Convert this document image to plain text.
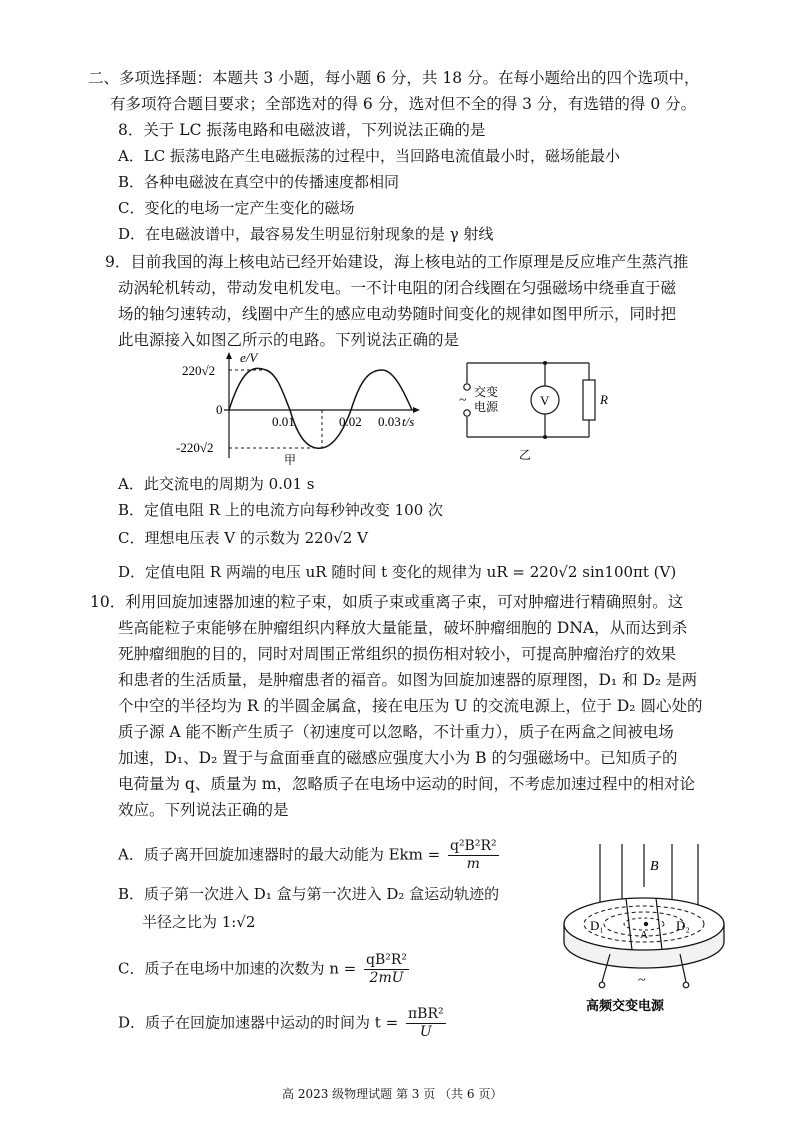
二、多项选择题：本题共 3 小题，每小题 6 分，共 18 分。在每小题给出的四个选项中，
有多项符合题目要求；全部选对的得 6 分，选对但不全的得 3 分，有选错的得 0 分。
8．关于 LC 振荡电路和电磁波谱，下列说法正确的是
A．LC 振荡电路产生电磁振荡的过程中，当回路电流值最小时，磁场能最小
B．各种电磁波在真空中的传播速度都相同
C．变化的电场一定产生变化的磁场
D．在电磁波谱中，最容易发生明显衍射现象的是 γ 射线
9．目前我国的海上核电站已经开始建设，海上核电站的工作原理是反应堆产生蒸汽推
动涡轮机转动，带动发电机发电。一不计电阻的闭合线圈在匀强磁场中绕垂直于磁
场的轴匀速转动，线圈中产生的感应电动势随时间变化的规律如图甲所示，同时把
此电源接入如图乙所示的电路。下列说法正确的是
e/V
220√2
0
-220√2
0.01	0.02 0.03 t/s
甲
~
交变
电源	V	R
乙
A．此交流电的周期为 0.01 s
B．定值电阻 R 上的电流方向每秒钟改变 100 次
C．理想电压表 V 的示数为 220√2 V
D．定值电阻 R 两端的电压 uR 随时间 t 变化的规律为 uR = 220√2 sin100πt (V)
10．利用回旋加速器加速的粒子束，如质子束或重离子束，可对肿瘤进行精确照射。这
些高能粒子束能够在肿瘤组织内释放大量能量，破坏肿瘤细胞的 DNA，从而达到杀
死肿瘤细胞的目的，同时对周围正常组织的损伤相对较小，可提高肿瘤治疗的效果
和患者的生活质量，是肿瘤患者的福音。如图为回旋加速器的原理图，D₁ 和 D₂ 是两
个中空的半径均为 R 的半圆金属盒，接在电压为 U 的交流电源上，位于 D₂ 圆心处的
质子源 A 能不断产生质子（初速度可以忽略，不计重力），质子在两盒之间被电场
加速，D₁、D₂ 置于与盒面垂直的磁感应强度大小为 B 的匀强磁场中。已知质子的
电荷量为 q、质量为 m，忽略质子在电场中运动的时间，不考虑加速过程中的相对论
效应。下列说法正确的是
A．质子离开回旋加速器时的最大动能为 Ekm = $\frac{\text{q²B²R²}}{m}$
B．质子第一次进入 D₁ 盒与第一次进入 D₂ 盒运动轨迹的
半径之比为 1:√2
C．质子在电场中加速的次数为 $n = \frac{\text{qB²R²}}{2mU}$
D．质子在回旋加速器中运动的时间为 $t = \frac{\text{πBR²}}{U}$
B
D₁	D₂
A
~
高频交变电源
高 2023 级物理试题 第 3 页 （共 6 页）
